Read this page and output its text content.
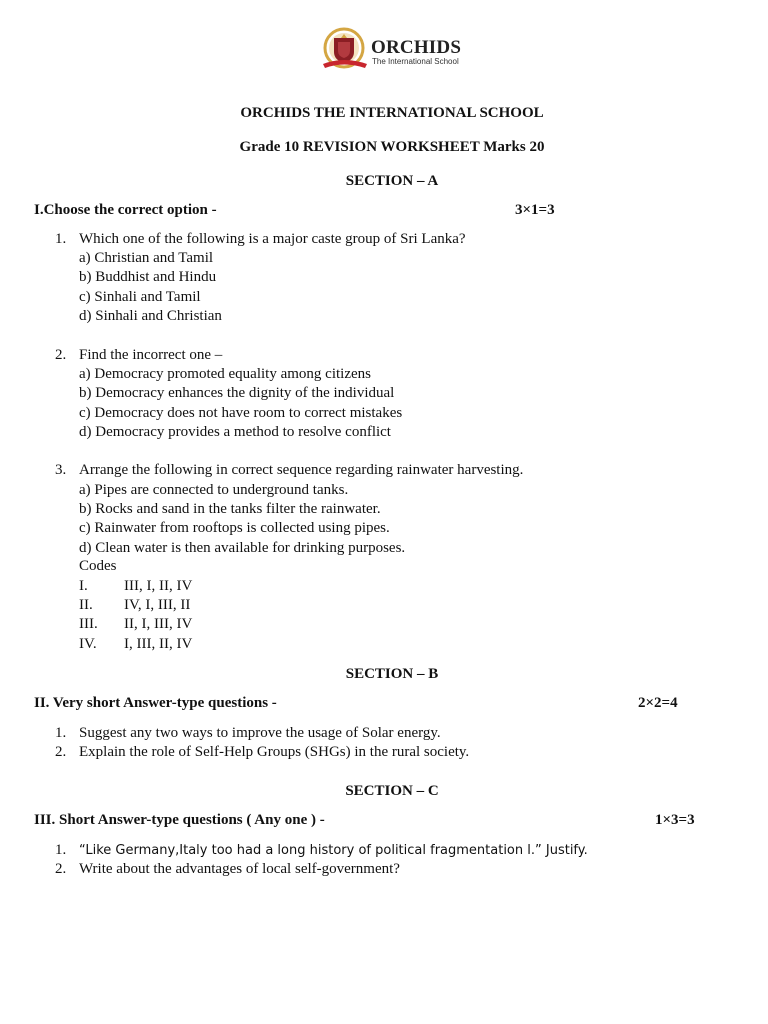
ORCHIDS
The International School
ORCHIDS THE INTERNATIONAL SCHOOL
Grade 10 REVISION WORKSHEET Marks 20
SECTION – A
I.Choose the correct option -	3×1=3
1. Which one of the following is a major caste group of Sri Lanka?
a) Christian and Tamil
b) Buddhist and Hindu
c) Sinhali and Tamil
d) Sinhali and Christian
2. Find the incorrect one –
a) Democracy promoted equality among citizens
b) Democracy enhances the dignity of the individual
c) Democracy does not have room to correct mistakes
d) Democracy provides a method to resolve conflict
3. Arrange the following in correct sequence regarding rainwater harvesting.
a) Pipes are connected to underground tanks.
b) Rocks and sand in the tanks filter the rainwater.
c) Rainwater from rooftops is collected using pipes.
d) Clean water is then available for drinking purposes.
Codes
I. III, I, II, IV
II. IV, I, III, II
III. II, I, III, IV
IV. I, III, II, IV
SECTION – B
II. Very short Answer-type questions -	2×2=4
1. Suggest any two ways to improve the usage of Solar energy.
2. Explain the role of Self-Help Groups (SHGs) in the rural society.
SECTION – C
III. Short Answer-type questions ( Any one ) -	1×3=3
1. “Like Germany,Italy too had a long history of political fragmentation l.” Justify.
2. Write about the advantages of local self-government?
